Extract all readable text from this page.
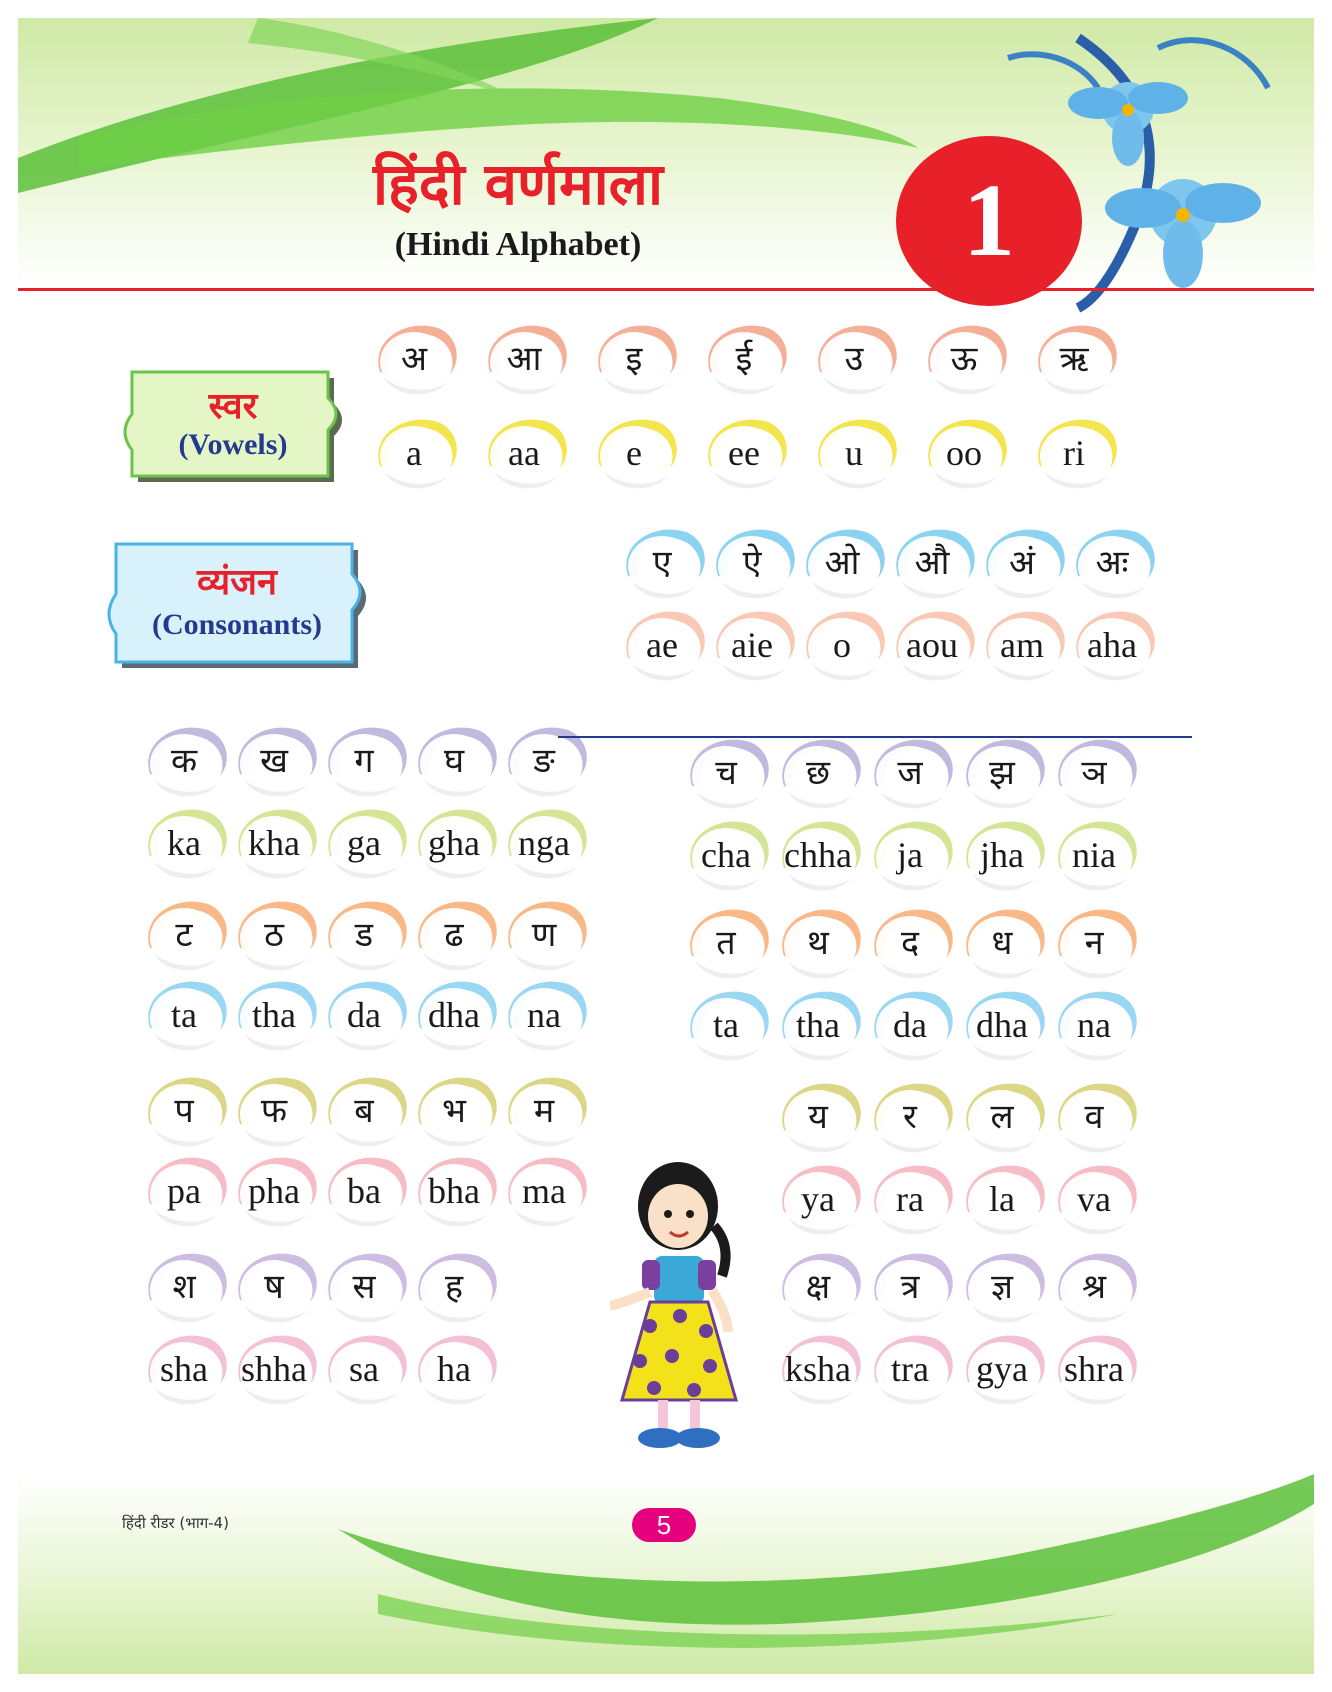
हिंदी वर्णमाला
(Hindi Alphabet)	1
स्वर
(Vowels)
व्यंजन
(Consonants)
अ
a
आ
aa
इ
e
ई
ee
उ
u
ऊ
oo
ऋ
ri
ए
ae
ऐ
aie
ओ
o
औ
aou
अं
am
अः
aha
क
ka
ख
kha
ग
ga
घ
gha
ङ
nga
ट
ta
ठ
tha
ड
da
ढ
dha
ण
na
प
pa
फ
pha
ब
ba
भ
bha
म
ma
श
sha
ष
shha
स
sa
ह
ha
च
cha
छ
chha
ज
ja
झ
jha
ञ
nia
त
ta
थ
tha
द
da
ध
dha
न
na
य
ya
र
ra
ल
la
व
va
क्ष
ksha
त्र
tra
ज्ञ
gya
श्र
shra
हिंदी रीडर (भाग-4)	5
